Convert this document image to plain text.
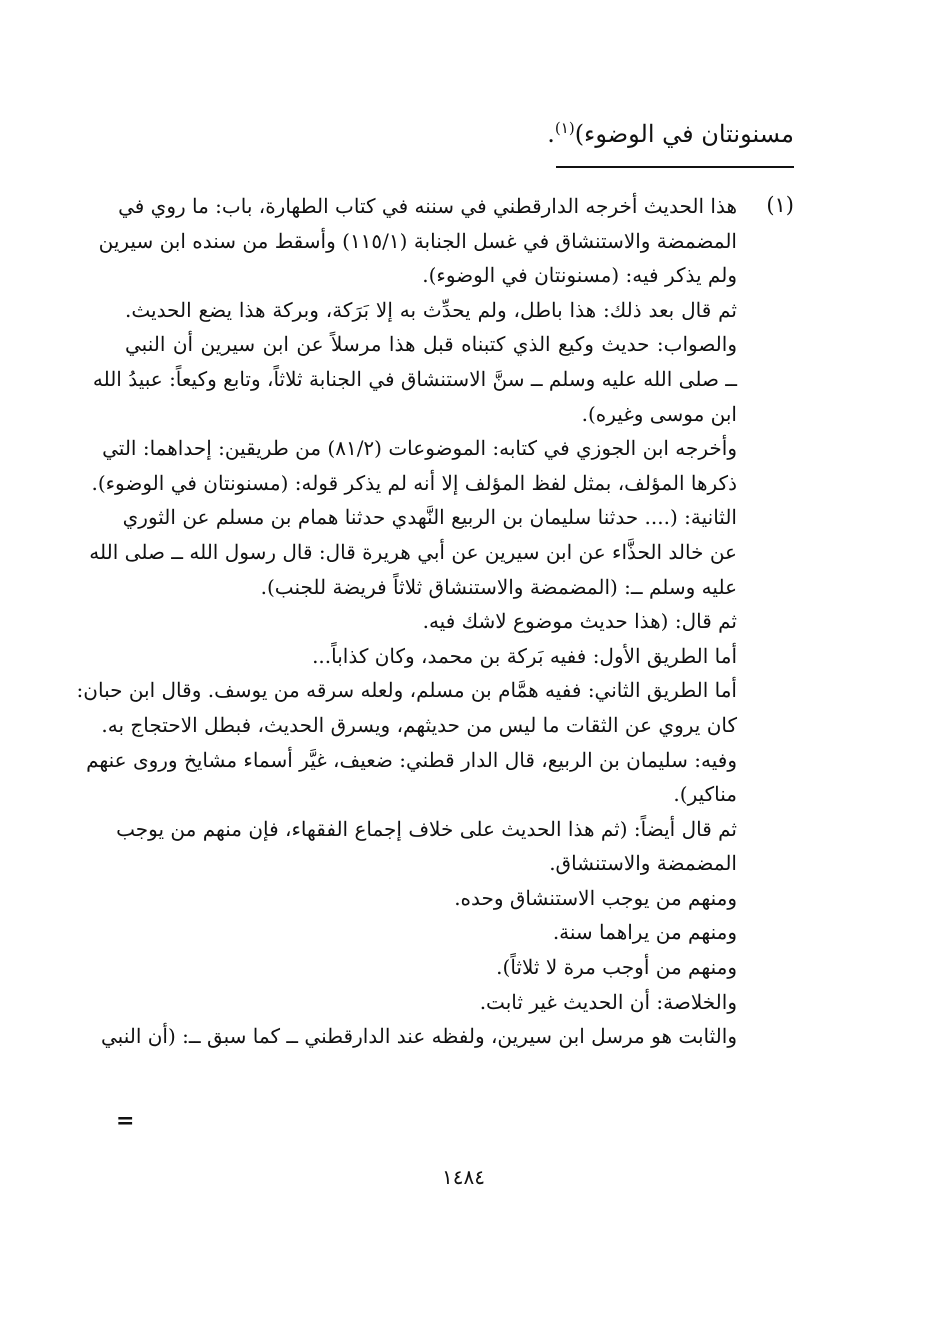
مسنونتان في الوضوء)$^{(١)}$.
(١)
هذا الحديث أخرجه الدارقطني في سننه في كتاب الطهارة، باب: ما روي في
المضمضة والاستنشاق في غسل الجنابة (١١٥/١) وأسقط من سنده ابن سيرين
ولم يذكر فيه: (مسنونتان في الوضوء).
ثم قال بعد ذلك: هذا باطل، ولم يحدِّث به إلا بَرَكة، وبركة هذا يضع الحديث.
والصواب: حديث وكيع الذي كتبناه قبل هذا مرسلاً عن ابن سيرين أن النبي
ــ صلى الله عليه وسلم ــ سنَّ الاستنشاق في الجنابة ثلاثاً، وتابع وكيعاً: عبيدُ الله
ابن موسى وغيره).
وأخرجه ابن الجوزي في كتابه: الموضوعات (٨١/٢) من طريقين: إحداهما: التي
ذكرها المؤلف، بمثل لفظ المؤلف إلا أنه لم يذكر قوله: (مسنونتان في الوضوء).
الثانية: (.... حدثنا سليمان بن الربيع النَّهدي حدثنا همام بن مسلم عن الثوري
عن خالد الحذَّاء عن ابن سيرين عن أبي هريرة قال: قال رسول الله ــ صلى الله
عليه وسلم ــ: (المضمضة والاستنشاق ثلاثاً فريضة للجنب).
ثم قال: (هذا حديث موضوع لاشك فيه.
أما الطريق الأول: ففيه بَركة بن محمد، وكان كذاباً...
أما الطريق الثاني: ففيه همَّام بن مسلم، ولعله سرقه من يوسف. وقال ابن حبان:
كان يروي عن الثقات ما ليس من حديثهم، ويسرق الحديث، فبطل الاحتجاج به.
وفيه: سليمان بن الربيع، قال الدار قطني: ضعيف، غيَّر أسماء مشايخ وروى عنهم
مناكير).
ثم قال أيضاً: (ثم هذا الحديث على خلاف إجماع الفقهاء، فإن منهم من يوجب
المضمضة والاستنشاق.
ومنهم من يوجب الاستنشاق وحده.
ومنهم من يراهما سنة.
ومنهم من أوجب مرة لا ثلاثاً).
والخلاصة: أن الحديث غير ثابت.
والثابت هو مرسل ابن سيرين، ولفظه عند الدارقطني ــ كما سبق ــ: (أن النبي
=
١٤٨٤
